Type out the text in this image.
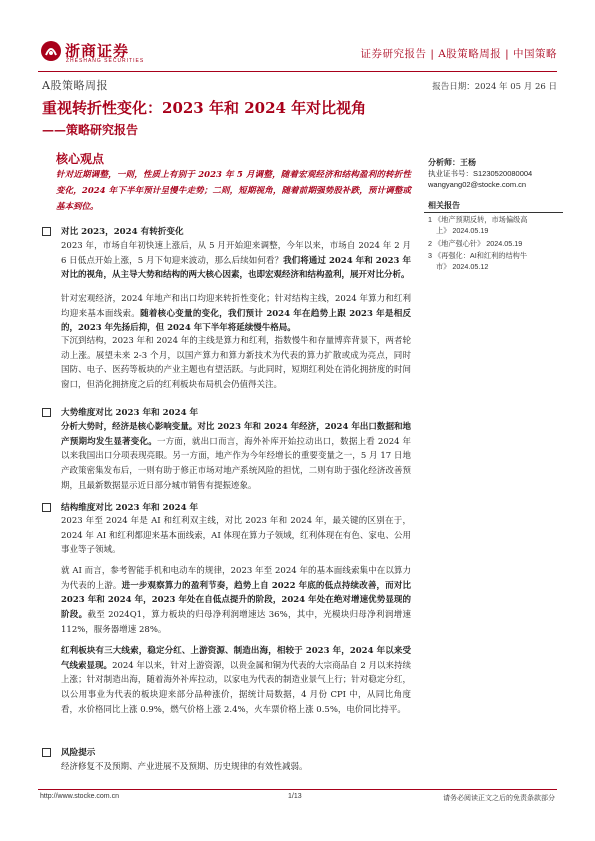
浙商证券
ZHESHANG SECURITIES
证券研究报告 | A股策略周报 | 中国策略
A股策略周报	报告日期：2024 年 05 月 26 日
重视转折性变化：2023 年和 2024 年对比视角
——策略研究报告
核心观点
针对近期调整，一则，性质上有别于 2023 年 5 月调整，随着宏观经济和结构盈利的转折性变化，2024 年下半年预计呈慢牛走势；二则，短期视角，随着前期强势股补跌，预计调整或基本到位。
分析师：王杨
执业证书号：S1230520080004
wangyang02@stocke.com.cn
相关报告
1 《地产预期反转，市场偏级高
上》 2024.05.19
2 《地产强心针》 2024.05.19
3 《再强化：AI和红利的结构牛
市》 2024.05.12
对比 2023，2024 有转折变化
2023 年，市场自年初快速上涨后，从 5 月开始迎来调整，今年以来，市场自 2024 年 2 月 6 日低点开始上涨，5 月下旬迎来波动，那么后续如何看？我们将通过 2024 年和 2023 年对比的视角，从主导大势和结构的两大核心因素，也即宏观经济和结构盈利，展开对比分析。
针对宏观经济，2024 年地产和出口均迎来转折性变化；针对结构主线，2024 年算力和红利均迎来基本面线索。随着核心变量的变化，我们预计 2024 年在趋势上跟 2023 年是相反的，2023 年先扬后抑，但 2024 年下半年将延续慢牛格局。
下沉到结构，2023 年和 2024 年的主线是算力和红利，指数慢牛和存量博弈背景下，两者轮动上涨。展望未来 2-3 个月，以国产算力和算力新技术为代表的算力扩散或成为亮点，同时国防、电子、医药等板块的产业主题也有望活跃。与此同时，短期红利处在消化拥挤度的时间窗口，但消化拥挤度之后的红利板块布局机会仍值得关注。
大势维度对比 2023 年和 2024 年
分析大势时，经济是核心影响变量。对比 2023 年和 2024 年经济，2024 年出口数据和地产预期均发生显著变化。一方面，就出口而言，海外补库开始拉动出口，数据上看 2024 年以来我国出口分项表现亮眼。另一方面，地产作为今年经增长的重要变量之一，5 月 17 日地产政策密集发布后，一则有助于修正市场对地产系统风险的担忧，二则有助于强化经济改善预期，且最新数据显示近日部分城市销售有提振迹象。
结构维度对比 2023 年和 2024 年
2023 年至 2024 年是 AI 和红利双主线，对比 2023 年和 2024 年，最关键的区别在于，2024 年 AI 和红利都迎来基本面线索，AI 体现在算力子领域，红利体现在有色、家电、公用事业等子领域。
就 AI 而言，参考智能手机和电动车的规律，2023 年至 2024 年的基本面线索集中在以算力为代表的上游。进一步观察算力的盈利节奏，趋势上自 2022 年底的低点持续改善，而对比 2023 年和 2024 年，2023 年处在自低点提升的阶段，2024 年处在绝对增速优势显现的阶段。截至 2024Q1，算力板块的归母净利润增速达 36%，其中，光模块归母净利润增速 112%，服务器增速 28%。
红利板块有三大线索，稳定分红、上游资源、制造出海，相较于 2023 年，2024 年以来受气线索显现。2024 年以来，针对上游资源，以贵金属和铜为代表的大宗商品自 2 月以来持续上涨；针对制造出海，随着海外补库拉动，以家电为代表的制造业景气上行；针对稳定分红，以公用事业为代表的板块迎来部分品种涨价，据统计局数据，4 月份 CPI 中，从同比角度看，水价格同比上涨 0.9%，燃气价格上涨 2.4%，火车票价格上涨 0.5%，电价同比持平。
风险提示
经济修复不及预期、产业进展不及预期、历史规律的有效性减弱。
http://www.stocke.com.cn	1/13	请务必阅读正文之后的免责条款部分
